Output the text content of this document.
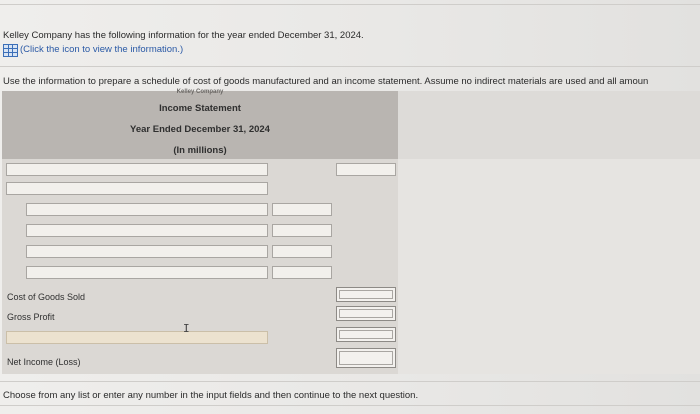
Kelley Company has the following information for the year ended December 31, 2024.
(Click the icon to view the information.)
Use the information to prepare a schedule of cost of goods manufactured and an income statement. Assume no indirect materials are used and all amoun
Kelley Company
Income Statement
Year Ended December 31, 2024
(In millions)
Cost of Goods Sold
Gross Profit
I
Net Income (Loss)
Choose from any list or enter any number in the input fields and then continue to the next question.
